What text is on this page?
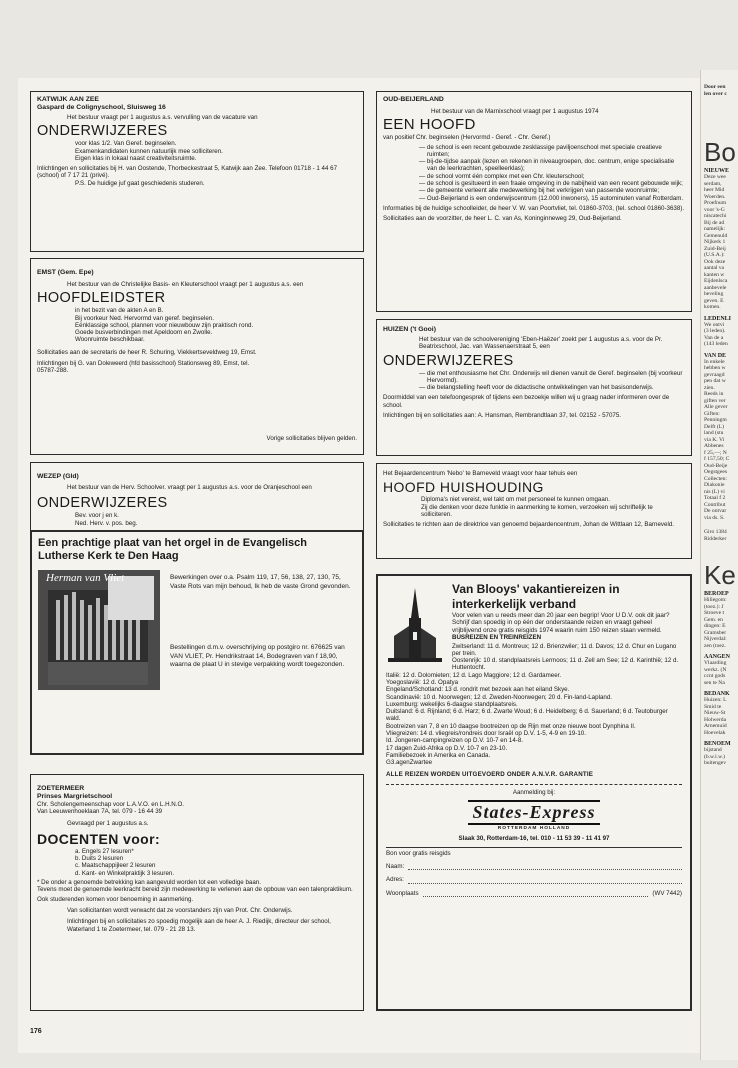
KATWIJK AAN ZEE
Gaspard de Colignyschool, Sluisweg 16

Het bestuur vraagt per 1 augustus a.s. vervulling van de vacature van

ONDERWIJZERES

voor klas 1/2. Van Geref. beginselen.

Examenkandidaten kunnen natuurlijk mee solliciteren.

Eigen klas in lokaal naast creativiteitsruimte.

Inlichtingen en sollicitaties bij H. van Oostende, Thorbeckestraat 5, Katwijk aan Zee. Telefoon 01718 - 1 44 67 (school) of 7 17 21 (privé).

P.S. De huidige juf gaat geschiedenis studeren.

EMST (Gem. Epe)

Het bestuur van de Christelijke Basis- en Kleuterschool vraagt per 1 augustus a.s. een

HOOFDLEIDSTER

in het bezit van de akten A en B.

Bij voorkeur Ned. Hervormd van geref. beginselen.

Eénklassige school, plannen voor nieuwbouw zijn praktisch rond.

Goede busverbindingen met Apeldoorn en Zwolle.

Woonruimte beschikbaar.

Sollicitaties aan de secretaris de heer R. Schuring, Viekkertseveldweg 19, Emst.

Inlichtingen bij G. van Doleweerd (hfd basisschool) Stationsweg 89, Emst, tel. 05787-288.

Vorige sollicitaties blijven gelden.

WEZEP (Gld)

Het bestuur van de Herv. Schoolver. vraagt per 1 augustus a.s. voor de Oranjeschool een

ONDERWIJZERES

Bev. voor j en k.

Ned. Herv. v. pos. beg.

Een prachtige plaat van het orgel in de Evangelisch Lutherse Kerk te Den Haag
Herman van Vliet	Bewerkingen over o.a. Psalm 119, 17, 56, 138, 27, 130, 75, Vaste Rots van mijn behoud, Ik heb de vaste Grond gevonden.

Bestellingen d.m.v. overschrijving op postgiro nr. 676625 van VAN VLIET, Pr. Hendrikstraat 14, Bodegraven van f 18,90, waarna de plaat U in stevige verpakking wordt toegezonden.

ZOETERMEER
Prinses Margrietschool

Chr. Scholengemeenschap voor L.A.V.O. en L.H.N.O.

Van Leeuwenhoeklaan 7A, tel. 079 - 16 44 39

Gevraagd per 1 augustus a.s.

DOCENTEN voor:

a. Engels 27 lesuren*

b. Duits 2 lesuren

c. Maatschappijleer 2 lesuren

d. Kant- en Winkelpraktijk 3 lesuren.

* De onder a genoemde betrekking kan aangevuld worden tot een volledige baan.

Tevens moet de genoemde leerkracht bereid zijn medewerking te verlenen aan de opbouw van een talenpraktikum.

Ook studerenden komen voor benoeming in aanmerking.

Van sollicitanten wordt verwacht dat ze voorstanders zijn van Prot. Chr. Onderwijs.

Inlichtingen bij en sollicitaties zo spoedig mogelijk aan de heer A. J. Riedijk, directeur der school, Waterland 1 te Zoetermeer, tel. 079 - 21 28 13.

176
OUD-BEIJERLAND

Het bestuur van de Marnixschool vraagt per 1 augustus 1974

EEN HOOFD

van positief Chr. beginselen (Hervormd - Geref. - Chr. Geref.)

— de school is een recent gebouwde zesklassige paviljoenschool met speciale creatieve ruimten;

— bij-de-tijdse aanpak (lezen en rekenen in niveaugroepen, doc. centrum, enige specialisatie van de leerkrachten, speelleerklas);

— de school vormt één complex met een Chr. kleuterschool;

— de school is gesitueerd in een fraaie omgeving in de nabijheid van een recent gebouwde wijk;

— de gemeente verleent alle medewerking bij het verkrijgen van passende woonruimte;

— Oud-Beijerland is een onderwijscentrum (12.000 inwoners), 15 autominuten vanaf Rotterdam.

Informaties bij de huidige schoolleider, de heer V. W. van Poortvliet, tel. 01860-3703, (tel. school 01860-3638).

Sollicitaties aan de voorzitter, de heer L. C. van As, Koninginneweg 29, Oud-Beijerland.

HUIZEN ('t Gooi)

Het bestuur van de schoolvereniging 'Eben-Haëzer' zoekt per 1 augustus a.s. voor de Pr. Beatrixschool, Jac. van Wassenaerstraat 5, een

ONDERWIJZERES

— die met enthousiasme het Chr. Onderwijs wil dienen vanuit de Geref. beginselen (bij voorkeur Hervormd).

— die belangstelling heeft voor de didactische ontwikkelingen van het basisonderwijs.

Doormiddel van een telefoongesprek of tijdens een bezoekje willen wij u graag nader informeren over de school.

Inlichtingen bij en sollicitaties aan: A. Hansman, Rembrandtlaan 37, tel. 02152 - 57075.

Het Bejaardencentrum 'Nebo' te Barneveld vraagt voor haar tehuis een

HOOFD HUISHOUDING

Diploma's niet vereist, wel takt om met personeel te kunnen omgaan.

Zij die denken voor deze funktie in aanmerking te komen, verzoeken wij schriftelijk te solliciteren.

Sollicitaties te richten aan de direktrice van genoemd bejaardencentrum, Johan de Wittlaan 12, Barneveld.

Van Blooys' vakantiereizen in
interkerkelijk verband

Voor velen van u reeds meer dan 20 jaar een begrip! Voor U D.V. ook dit jaar? Schrijf dan spoedig in op één der onderstaande reizen en vraagt geheel vrijblijvend onze gratis reisgids 1974 waarin ruim 150 reizen staan vermeld.

BUSREIZEN EN TREINREIZEN

Zwitserland: 11 d. Montreux; 12 d. Brienzwiler; 11 d. Davos; 12 d. Chur en Lugano per trein.

Oostenrijk: 10 d. standplaatsreis Lermoos; 11 d. Zell am See; 12 d. Karinthië; 12 d. Huttentocht.

Italië: 12 d. Dolomieten; 12 d. Lago Maggiore; 12 d. Gardameer.

Yoegoslavië: 12 d. Opatya

Engeland/Schotland: 13 d. rondrit met bezoek aan het eiland Skye.

Scandinavië: 10 d. Noorwegen; 12 d. Zweden-Noorwegen; 20 d. Fin-land-Lapland.

Luxemburg: wekelijks 6-daagse standplaatsreis.

Duitsland: 6 d. Rijnland; 6 d. Harz; 6 d. Zwarte Woud; 6 d. Heidelberg; 6 d. Sauerland; 6 d. Teutoburger wald.

Bootreizen van 7, 8 en 10 daagse bootreizen op de Rijn met onze nieuwe boot Dynphina II.

Vliegreizen: 14 d. vliegreis/rondreis door Israël op D.V. 1-5, 4-9 en 19-10.

Id. Jongeren-campingreizen op D.V. 10-7 en 14-8.

17 dagen Zuid-Afrika op D.V. 10-7 en 23-10.

Familiebezoek in Amerika en Canada.

G3.agenZwartee

ALLE REIZEN WORDEN UITGEVOERD ONDER A.N.V.R. GARANTIE

Aanmelding bij:

States-Express
ROTTERDAM HOLLAND

Slaak 30, Rotterdam-16, tel. 010 - 11 53 39 - 11 41 97

Bon voor gratis reisgids

Naam:
Adres:
Woonplaats	(WV 7442)
Door een
len over c
Bo
NIEUWE
Deze wee
serdam,
heer Mid
Woerden.
Proefnum
voor 's-G
niscatechi
Bij de ad
namelijk:
Gemenuld
Nijkerk 1
Zuid-Beij
(U.S.A.):
Ook deze
aantal va
kanten w
Eijdenlsca
aanbevele
beveling
geven. E
komen.
LEDENLI
We ontvi
(3 leden).
Van de a
(143 leden
VAN DE
In enkele
hebben w
gevraagd
pen dat w
zien.
Reeds in
giften ver
Alle gever
Giften:
Penningm
Delft (L)
land (stu
via K. Vi
Abbenes
f 25,—; N
f 157,50; C
Oud-Beije
Oegstgees
Collecten:
Diakonie
nis (L) vi
Totaal f 2
Contribut
De ontvar
via ds. S.
Giro 1384
Ridderker
Ke
BEROEP
Hillegom:
(toez.): J
Stroeve t
Gem. en
dingen: E
Gramsber
Nijverdal:
zen (toez.
AANGEN
Vlaarding
werkz. (N
ccnt gods
sen te Na
BEDANK
Huizen: L
Smid te
Nieuw-St
Holwerda
Arnemuid
Hoevelak
BENOEM
bijstand
(b.w.l.w.)
buitengev
